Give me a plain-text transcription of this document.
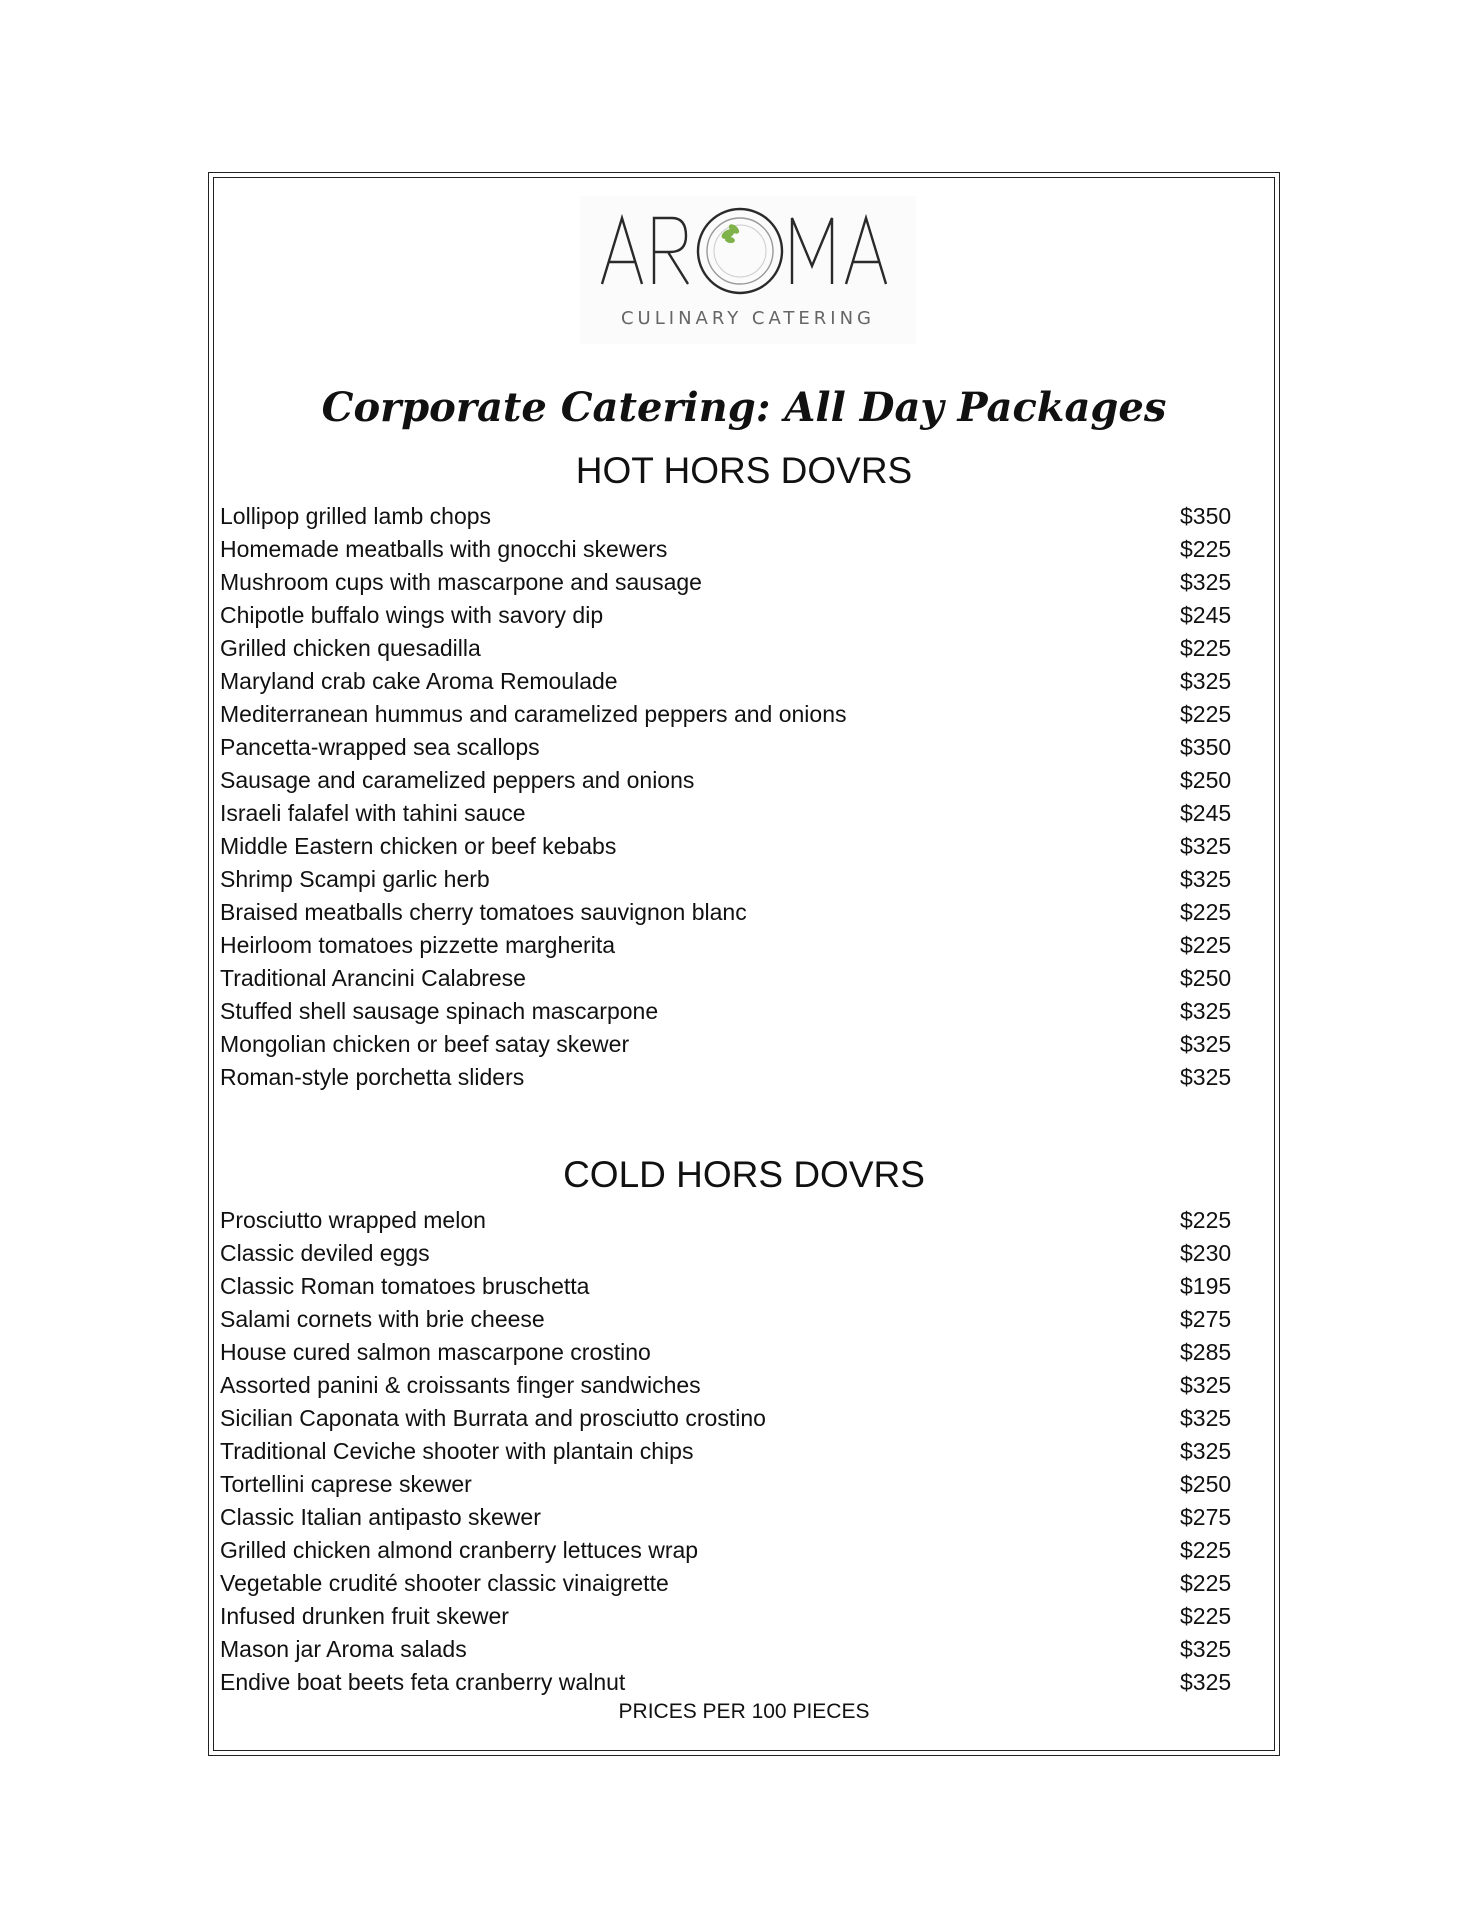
CULINARY CATERING
Corporate Catering: All Day Packages
HOT HORS DOVRS
Lollipop grilled lamb chops	$350
Homemade meatballs with gnocchi skewers	$225
Mushroom cups with mascarpone and sausage	$325
Chipotle buffalo wings with savory dip	$245
Grilled chicken quesadilla	$225
Maryland crab cake Aroma Remoulade	$325
Mediterranean hummus and caramelized peppers and onions	$225
Pancetta-wrapped sea scallops	$350
Sausage and caramelized peppers and onions	$250
Israeli falafel with tahini sauce	$245
Middle Eastern chicken or beef kebabs	$325
Shrimp Scampi garlic herb	$325
Braised meatballs cherry tomatoes sauvignon blanc	$225
Heirloom tomatoes pizzette margherita	$225
Traditional Arancini Calabrese	$250
Stuffed shell sausage spinach mascarpone	$325
Mongolian chicken or beef satay skewer	$325
Roman-style porchetta sliders	$325
COLD HORS DOVRS
Prosciutto wrapped melon	$225
Classic deviled eggs	$230
Classic Roman tomatoes bruschetta	$195
Salami cornets with brie cheese	$275
House cured salmon mascarpone crostino	$285
Assorted panini & croissants finger sandwiches	$325
Sicilian Caponata with Burrata and prosciutto crostino	$325
Traditional Ceviche shooter with plantain chips	$325
Tortellini caprese skewer	$250
Classic Italian antipasto skewer	$275
Grilled chicken almond cranberry lettuces wrap	$225
Vegetable crudité shooter classic vinaigrette	$225
Infused drunken fruit skewer	$225
Mason jar Aroma salads	$325
Endive boat beets feta cranberry walnut	$325
PRICES PER 100 PIECES
